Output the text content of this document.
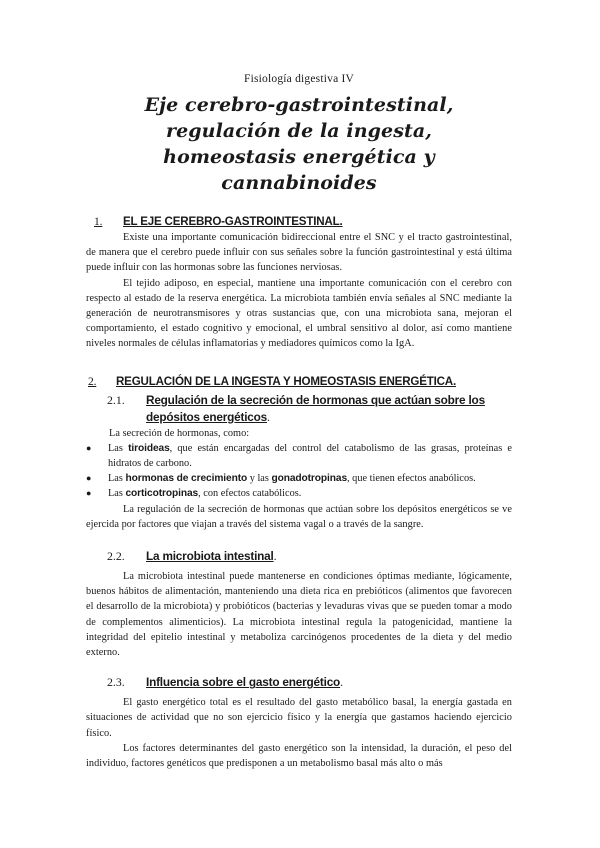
Fisiología digestiva IV
Eje cerebro-gastrointestinal, regulación de la ingesta,
homeostasis energética y cannabinoides
1.	EL EJE CEREBRO-GASTROINTESTINAL.

Existe una importante comunicación bidireccional entre el SNC y el tracto gastrointestinal, de manera que el cerebro puede influir con sus señales sobre la función gastrointestinal y está última puede influir con las hormonas sobre las funciones nerviosas.

El tejido adiposo, en especial, mantiene una importante comunicación con el cerebro con respecto al estado de la reserva energética. La microbiota también envía señales al SNC mediante la generación de neurotransmisores y otras sustancias que, con una microbiota sana, mejoran el comportamiento, el estado cognitivo y emocional, el umbral sensitivo al dolor, así como mantiene niveles normales de células inflamatorias y mediadores químicos como la IgA.

2.	REGULACIÓN DE LA INGESTA Y HOMEOSTASIS ENERGÉTICA .
2.1.	Regulación de la secreción de hormonas que actúan sobre los depósitos energéticos.

La secreción de hormonas, como:

●	Las tiroideas, que están encargadas del control del catabolismo de las grasas, proteínas e hidratos de carbono.
●	Las hormonas de crecimiento y las gonadotropinas, que tienen efectos anabólicos.
●	Las corticotropinas, con efectos catabólicos.

La regulación de la secreción de hormonas que actúan sobre los depósitos energéticos se ve ejercida por factores que viajan a través del sistema vagal o a través de la sangre.

2.2.	La microbiota intestinal.

La microbiota intestinal puede mantenerse en condiciones óptimas mediante, lógicamente, buenos hábitos de alimentación, manteniendo una dieta rica en prebióticos (alimentos que favorecen el desarrollo de la microbiota) y probióticos (bacterias y levaduras vivas que se pueden tomar a modo de complementos alimenticios). La microbiota intestinal regula la patogenicidad, mantiene la integridad del epitelio intestinal y metaboliza carcinógenos procedentes de la dieta y del medio externo.

2.3.	Influencia sobre el gasto energético.

El gasto energético total es el resultado del gasto metabólico basal, la energía gastada en situaciones de actividad que no son ejercicio físico y la energía que gastamos haciendo ejercicio físico.

Los factores determinantes del gasto energético son la intensidad, la duración, el peso del individuo, factores genéticos que predisponen a un metabolismo basal más alto o más
